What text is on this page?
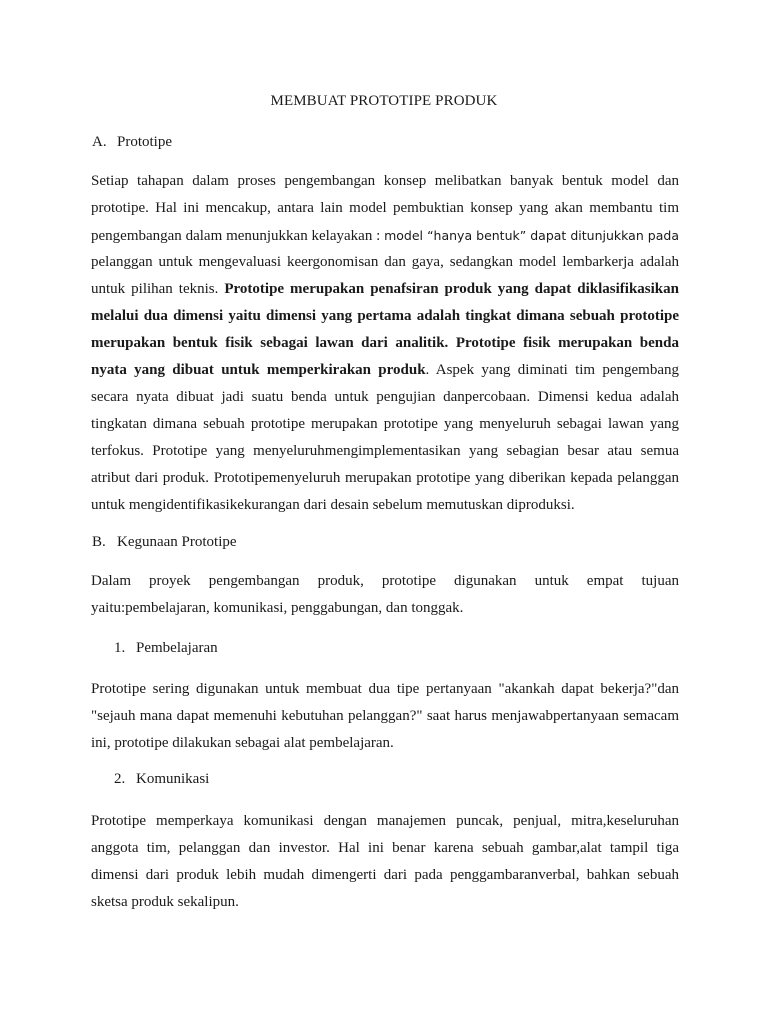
MEMBUAT PROTOTIPE PRODUK
A. Prototipe
Setiap tahapan dalam proses pengembangan konsep melibatkan banyak bentuk model dan
prototipe. Hal ini mencakup, antara lain model pembuktian konsep yang akan membantu tim
pengembangan dalam menunjukkan kelayakan : model “hanya bentuk” dapat ditunjukkan pada
pelanggan untuk mengevaluasi keergonomisan dan gaya, sedangkan model lembarkerja adalah
untuk pilihan teknis. Prototipe merupakan penafsiran produk yang dapat diklasifikasikan
melalui dua dimensi yaitu dimensi yang pertama adalah tingkat dimana sebuah prototipe
merupakan bentuk fisik sebagai lawan dari analitik. Prototipe fisik merupakan benda
nyata yang dibuat untuk memperkirakan produk. Aspek yang diminati tim pengembang
secara nyata dibuat jadi suatu benda untuk pengujian danpercobaan. Dimensi kedua adalah
tingkatan dimana sebuah prototipe merupakan prototipe yang menyeluruh sebagai lawan yang
terfokus. Prototipe yang menyeluruhmengimplementasikan yang sebagian besar atau semua
atribut dari produk. Prototipemenyeluruh merupakan prototipe yang diberikan kepada pelanggan
untuk mengidentifikasikekurangan dari desain sebelum memutuskan diproduksi.
B. Kegunaan Prototipe
Dalam proyek pengembangan produk, prototipe digunakan untuk empat tujuan
yaitu:pembelajaran, komunikasi, penggabungan, dan tonggak.
1. Pembelajaran
Prototipe sering digunakan untuk membuat dua tipe pertanyaan "akankah dapat bekerja?"dan
"sejauh mana dapat memenuhi kebutuhan pelanggan?" saat harus menjawabpertanyaan semacam
ini, prototipe dilakukan sebagai alat pembelajaran.
2. Komunikasi
Prototipe memperkaya komunikasi dengan manajemen puncak, penjual, mitra,keseluruhan
anggota tim, pelanggan dan investor. Hal ini benar karena sebuah gambar,alat tampil tiga
dimensi dari produk lebih mudah dimengerti dari pada penggambaranverbal, bahkan sebuah
sketsa produk sekalipun.
